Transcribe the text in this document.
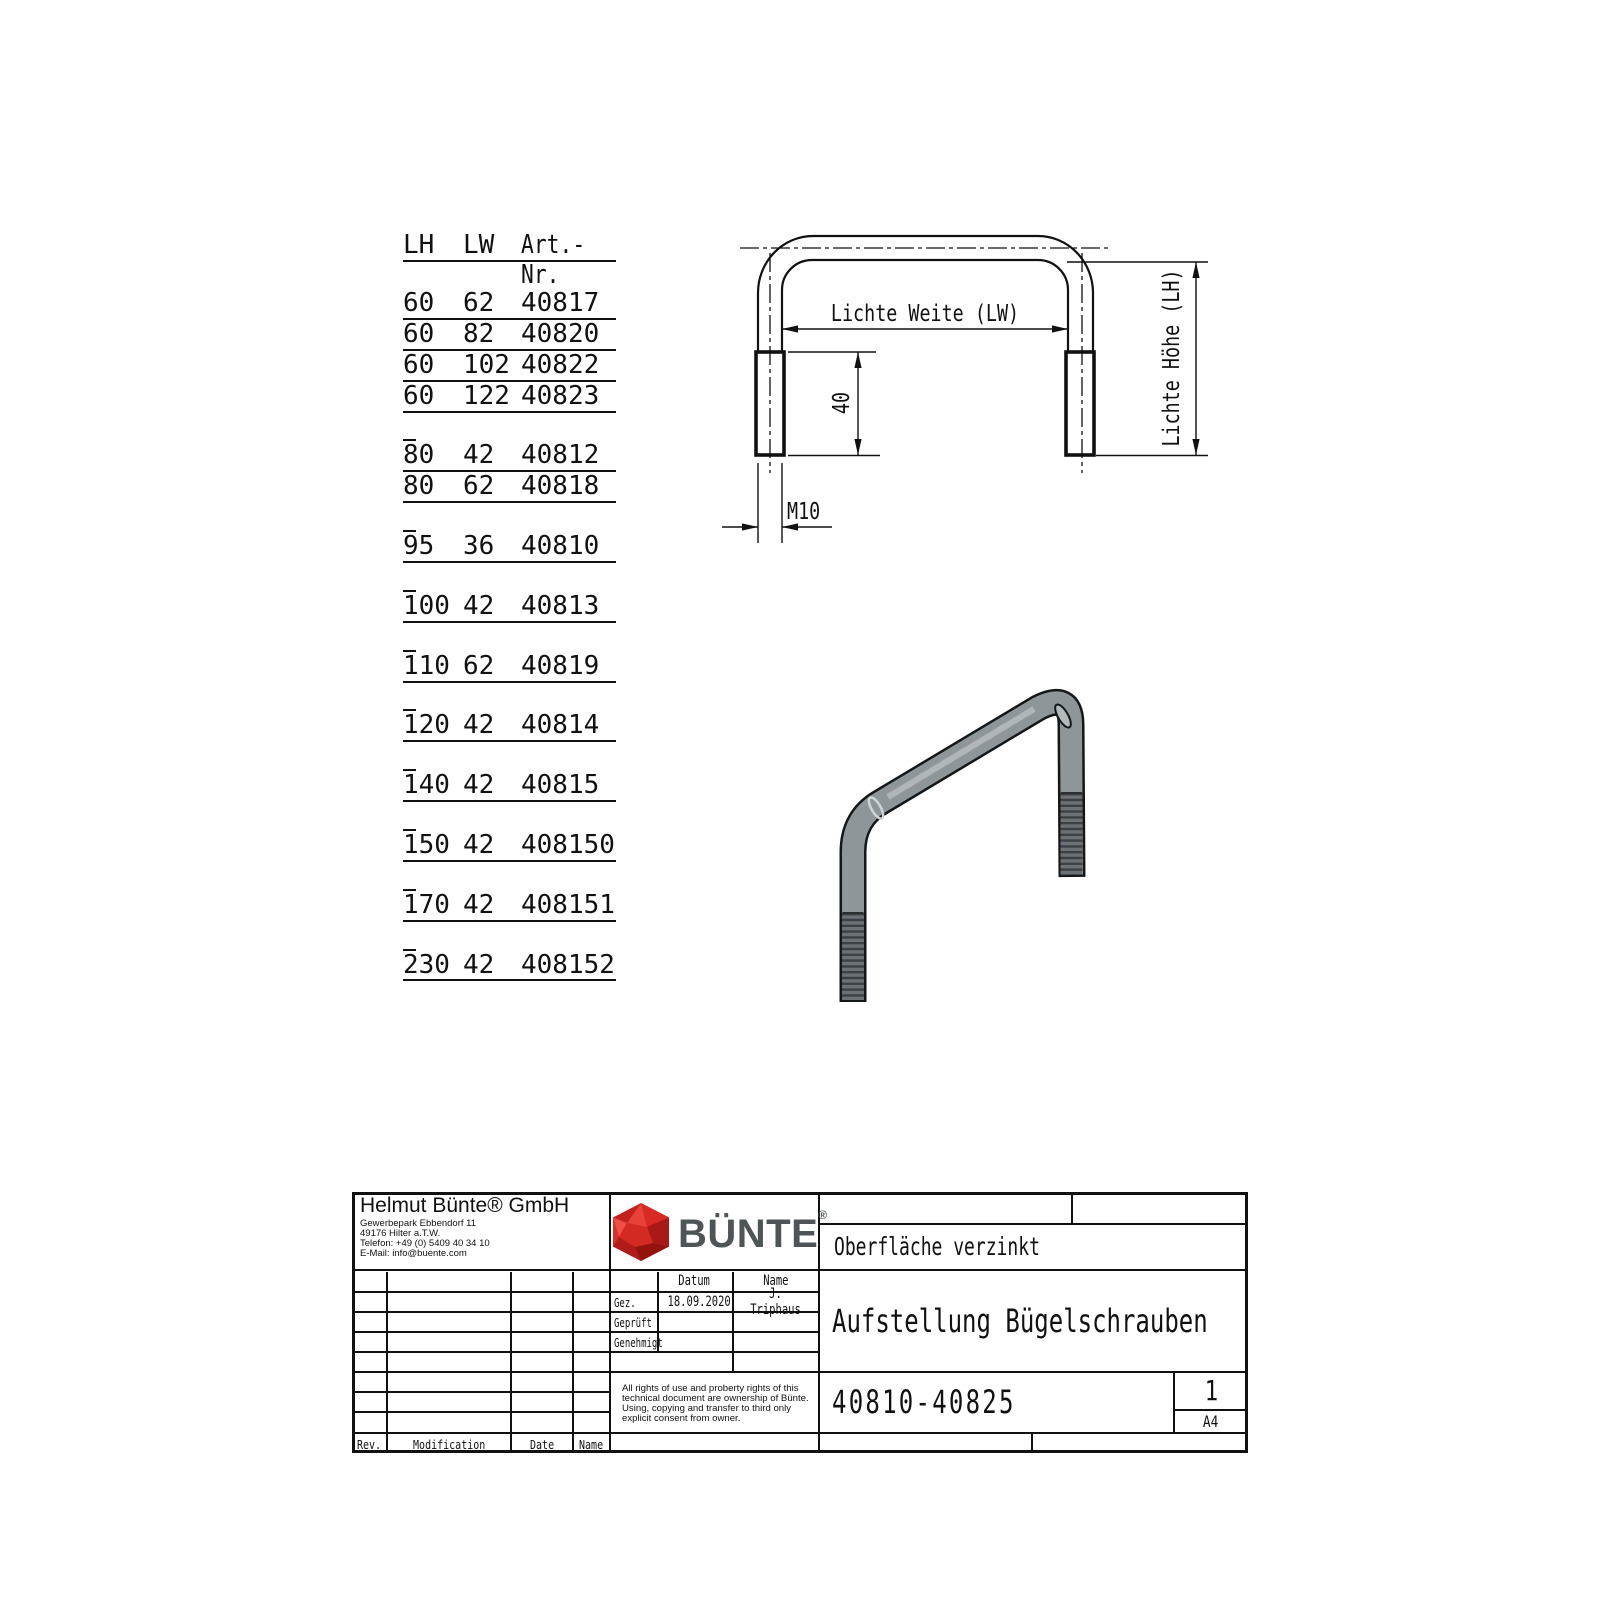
LH	LW	Art.-Nr.
60	62	40817
60	82	40820
60	102 40822
60	122 40823
80	42	40812
80	62	40818
95	36	40810
100 42	40813
110 62	40819
120 42	40814
140 42	40815
150 42	408150
170 42	408151
230 42	408152
Lichte Weite (LW)
40	Lichte Höhe (LH)
M10
Helmut Bünte® GmbH
Gewerbepark Ebbendorf 11
49176 Hilter a.T.W.
Telefon: +49 (0) 5409 40 34 10
E-Mail: info@buente.com	BÜNTE®
Oberfläche verzinkt
Datum	Name
Gez.	18.09.2020	J. Triphaus
Geprüft
Genehmigt
Aufstellung Bügelschrauben
All rights of use and proberty rights of this technical document are ownership of Bünte. Using, copying and transfer to third only explicit consent from owner.	40810-40825	1
A4
Rev.	Modification	Date	Name
